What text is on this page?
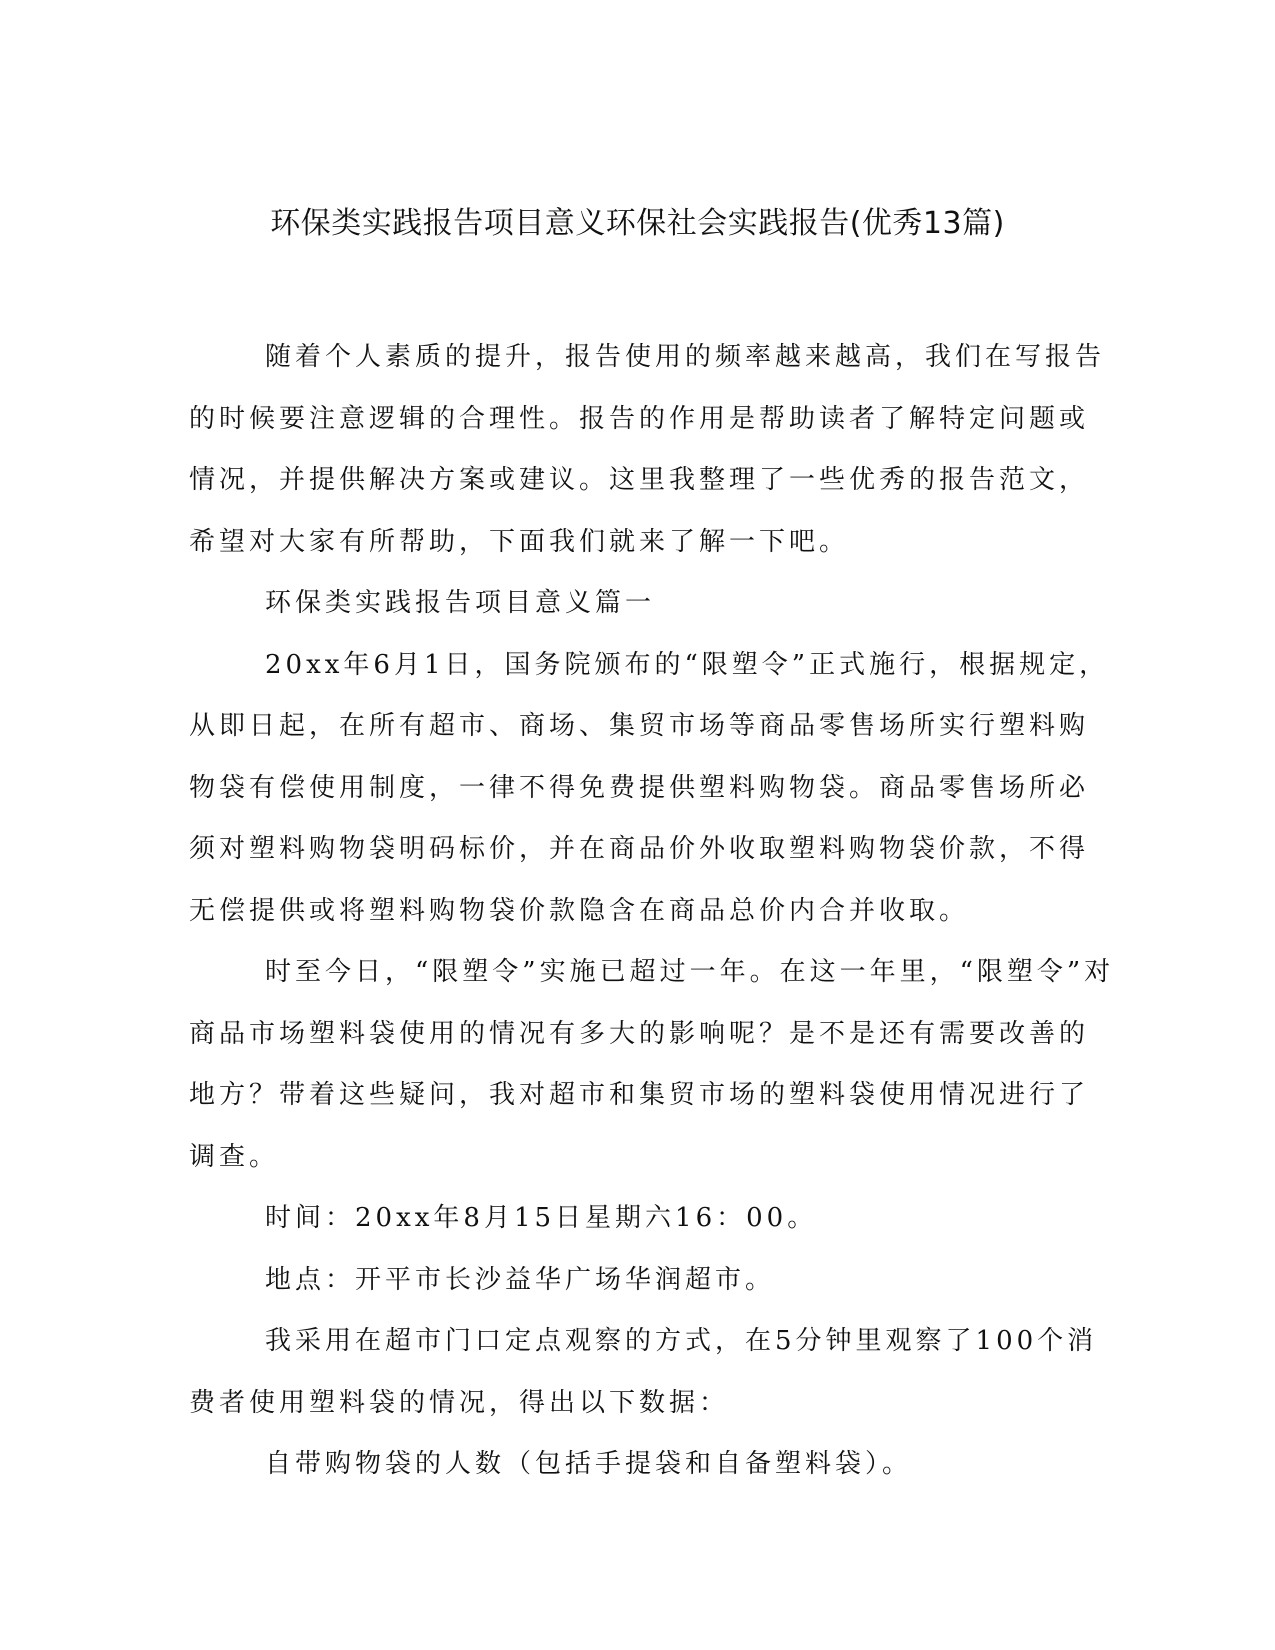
环保类实践报告项目意义环保社会实践报告(优秀13篇)

随着个人素质的提升，报告使用的频率越来越高，我们在写报告
的时候要注意逻辑的合理性。报告的作用是帮助读者了解特定问题或
情况，并提供解决方案或建议。这里我整理了一些优秀的报告范文，
希望对大家有所帮助，下面我们就来了解一下吧。

环保类实践报告项目意义篇一

20xx年6月1日，国务院颁布的“限塑令”正式施行，根据规定，
从即日起，在所有超市、商场、集贸市场等商品零售场所实行塑料购
物袋有偿使用制度，一律不得免费提供塑料购物袋。商品零售场所必
须对塑料购物袋明码标价，并在商品价外收取塑料购物袋价款，不得
无偿提供或将塑料购物袋价款隐含在商品总价内合并收取。

时至今日，“限塑令”实施已超过一年。在这一年里，“限塑令”对
商品市场塑料袋使用的情况有多大的影响呢？是不是还有需要改善的
地方？带着这些疑问，我对超市和集贸市场的塑料袋使用情况进行了
调查。

时间：20xx年8月15日星期六16：00。

地点：开平市长沙益华广场华润超市。

我采用在超市门口定点观察的方式，在5分钟里观察了100个消
费者使用塑料袋的情况，得出以下数据：

自带购物袋的人数（包括手提袋和自备塑料袋）。
